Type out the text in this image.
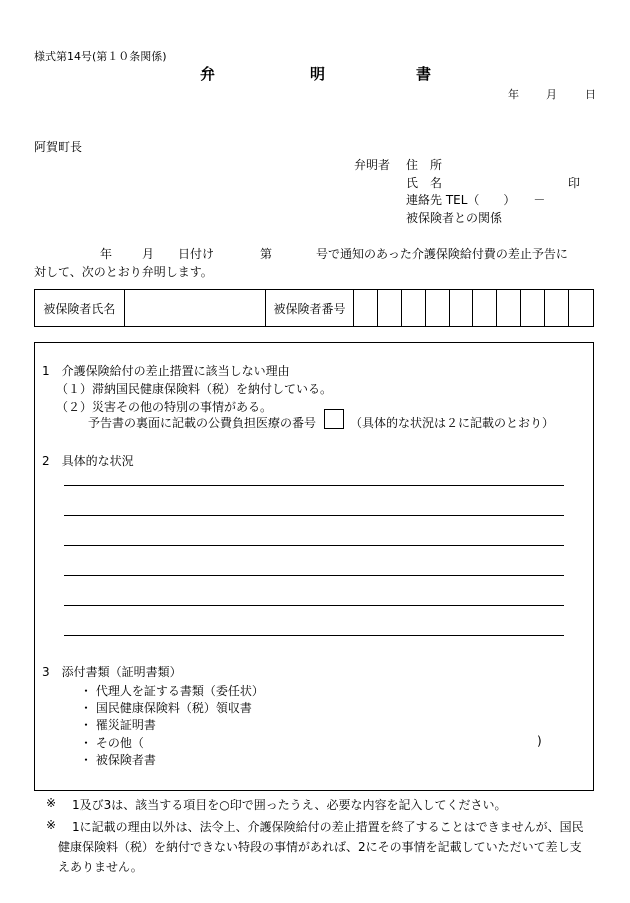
様式第14号(第１０条関係)
弁	明	書
年 月	日
阿賀町長
弁明者 住　所
氏　名	印
連絡先 TEL（　　）　　－
被保険者との関係
年 月 日付け	第	号で通知のあった介護保険給付費の差止予告に
対して、次のとおり弁明します。
被保険者氏名	被保険者番号
1　介護保険給付の差止措置に該当しない理由
（１）滞納国民健康保険料（税）を納付している。
（２）災害その他の特別の事情がある。
予告書の裏面に記載の公費負担医療の番号	（具体的な状況は２に記載のとおり）
2　具体的な状況
3　添付書類（証明書類）
・ 代理人を証する書類（委任状）
・ 国民健康保険料（税）領収書
・ 罹災証明書
・ その他（	)
・ 被保険者書
※ 1及び3は、該当する項目を○印で囲ったうえ、必要な内容を記入してください。
※ 1に記載の理由以外は、法令上、介護保険給付の差止措置を終了することはできませんが、国民
健康保険料（税）を納付できない特段の事情があれば、2にその事情を記載していただいて差し支
えありません。
